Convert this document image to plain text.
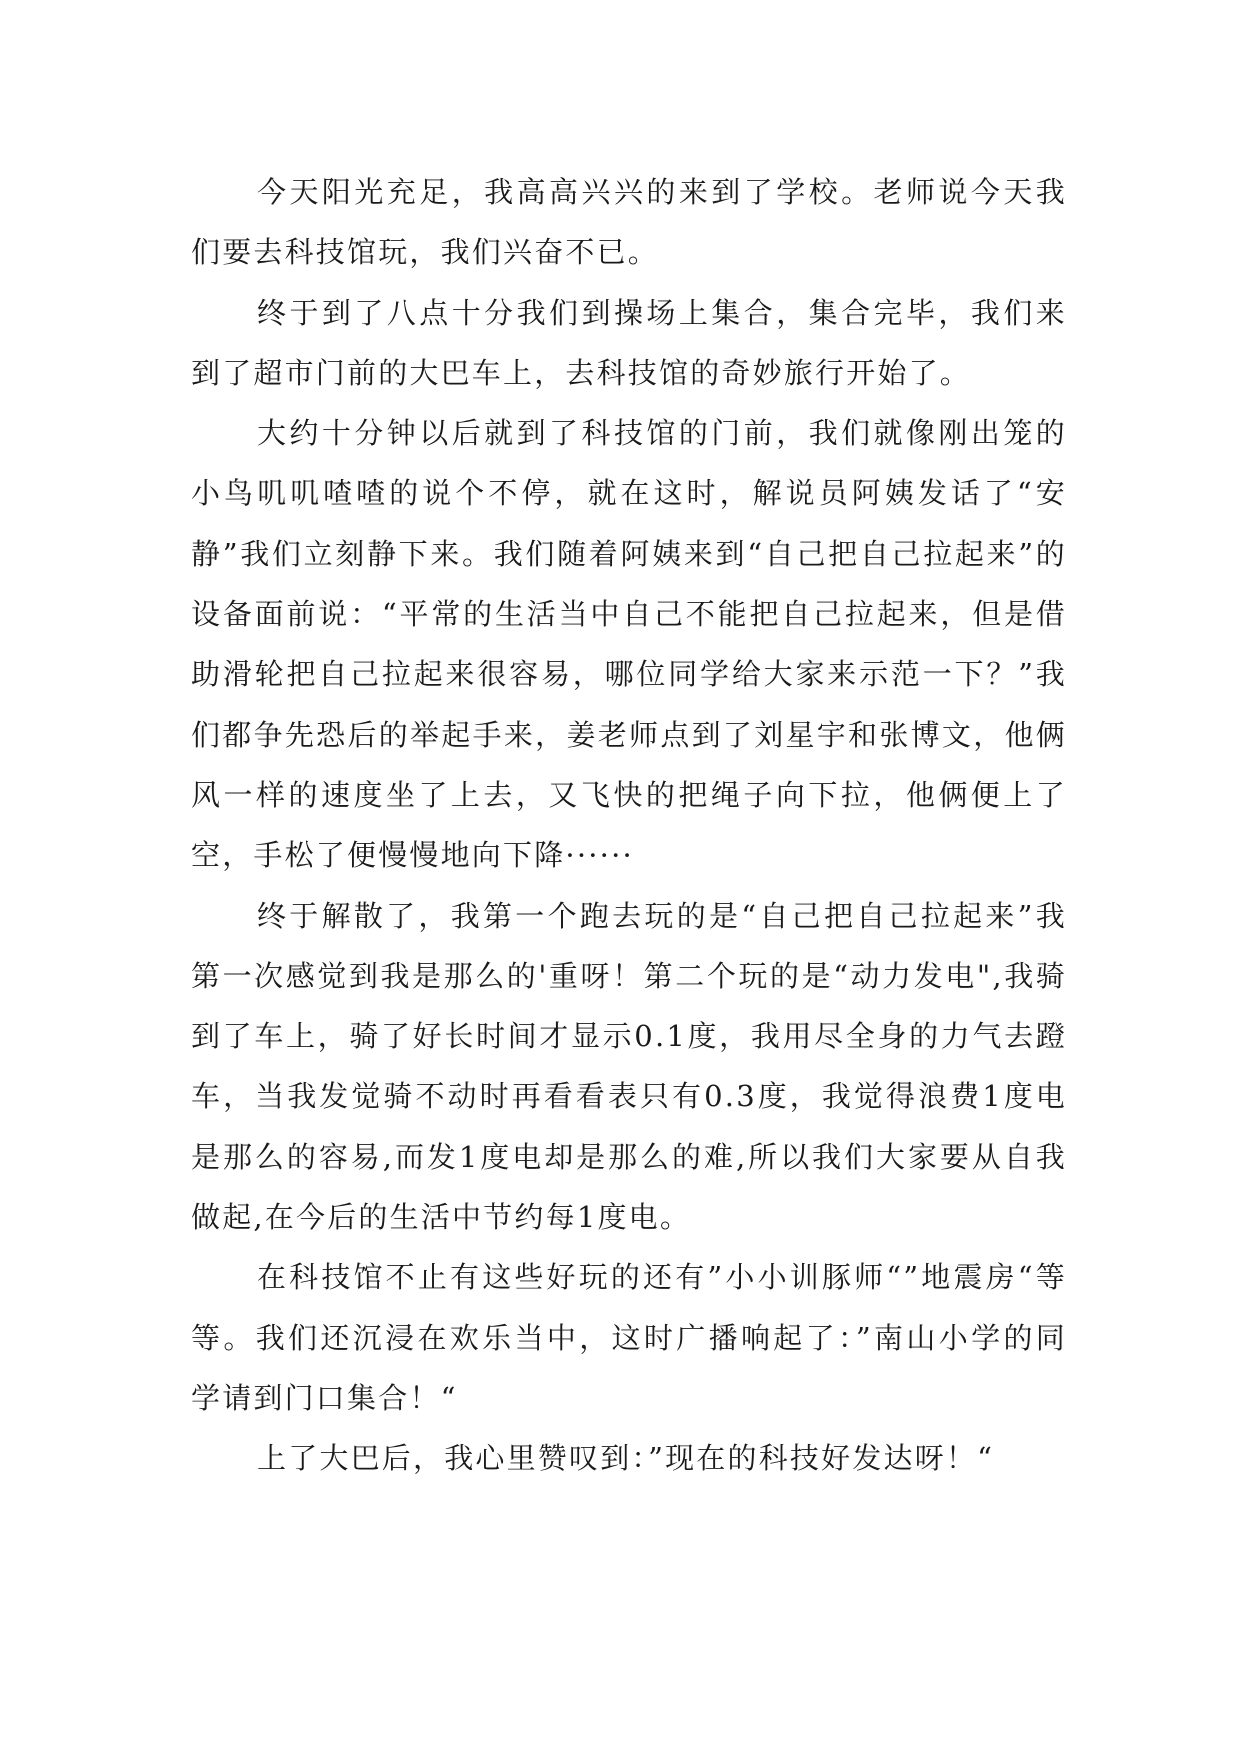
今天阳光充足，我高高兴兴的来到了学校。老师说今天我们要去科技馆玩，我们兴奋不已。

终于到了八点十分我们到操场上集合，集合完毕，我们来到了超市门前的大巴车上，去科技馆的奇妙旅行开始了。

大约十分钟以后就到了科技馆的门前，我们就像刚出笼的小鸟叽叽喳喳的说个不停，就在这时，解说员阿姨发话了“安静”我们立刻静下来。我们随着阿姨来到“自己把自己拉起来”的设备面前说：“平常的生活当中自己不能把自己拉起来，但是借助滑轮把自己拉起来很容易，哪位同学给大家来示范一下？”我们都争先恐后的举起手来，姜老师点到了刘星宇和张博文，他俩风一样的速度坐了上去，又飞快的把绳子向下拉，他俩便上了空，手松了便慢慢地向下降······

终于解散了，我第一个跑去玩的是“自己把自己拉起来”我第一次感觉到我是那么的'重呀！第二个玩的是“动力发电",我骑到了车上，骑了好长时间才显示0.1度，我用尽全身的力气去蹬车，当我发觉骑不动时再看看表只有0.3度，我觉得浪费1度电是那么的容易,而发1度电却是那么的难,所以我们大家要从自我做起,在今后的生活中节约每1度电。

在科技馆不止有这些好玩的还有”小小训豚师“”地震房“等等。我们还沉浸在欢乐当中，这时广播响起了：”南山小学的同学请到门口集合！“

上了大巴后，我心里赞叹到：”现在的科技好发达呀！“
